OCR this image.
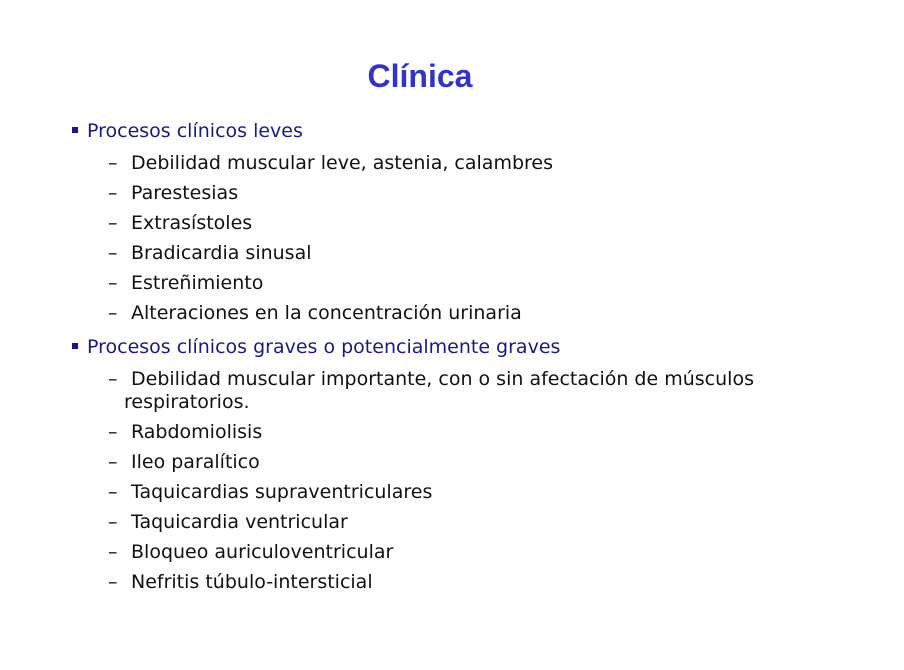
Clínica
Procesos clínicos leves
– Debilidad muscular leve, astenia, calambres
– Parestesias
– Extrasístoles
– Bradicardia sinusal
– Estreñimiento
– Alteraciones en la concentración urinaria
Procesos clínicos graves o potencialmente graves
– Debilidad muscular importante, con o sin afectación de músculos respiratorios.
– Rabdomiolisis
– Ileo paralítico
– Taquicardias supraventriculares
– Taquicardia ventricular
– Bloqueo auriculoventricular
– Nefritis túbulo-intersticial
